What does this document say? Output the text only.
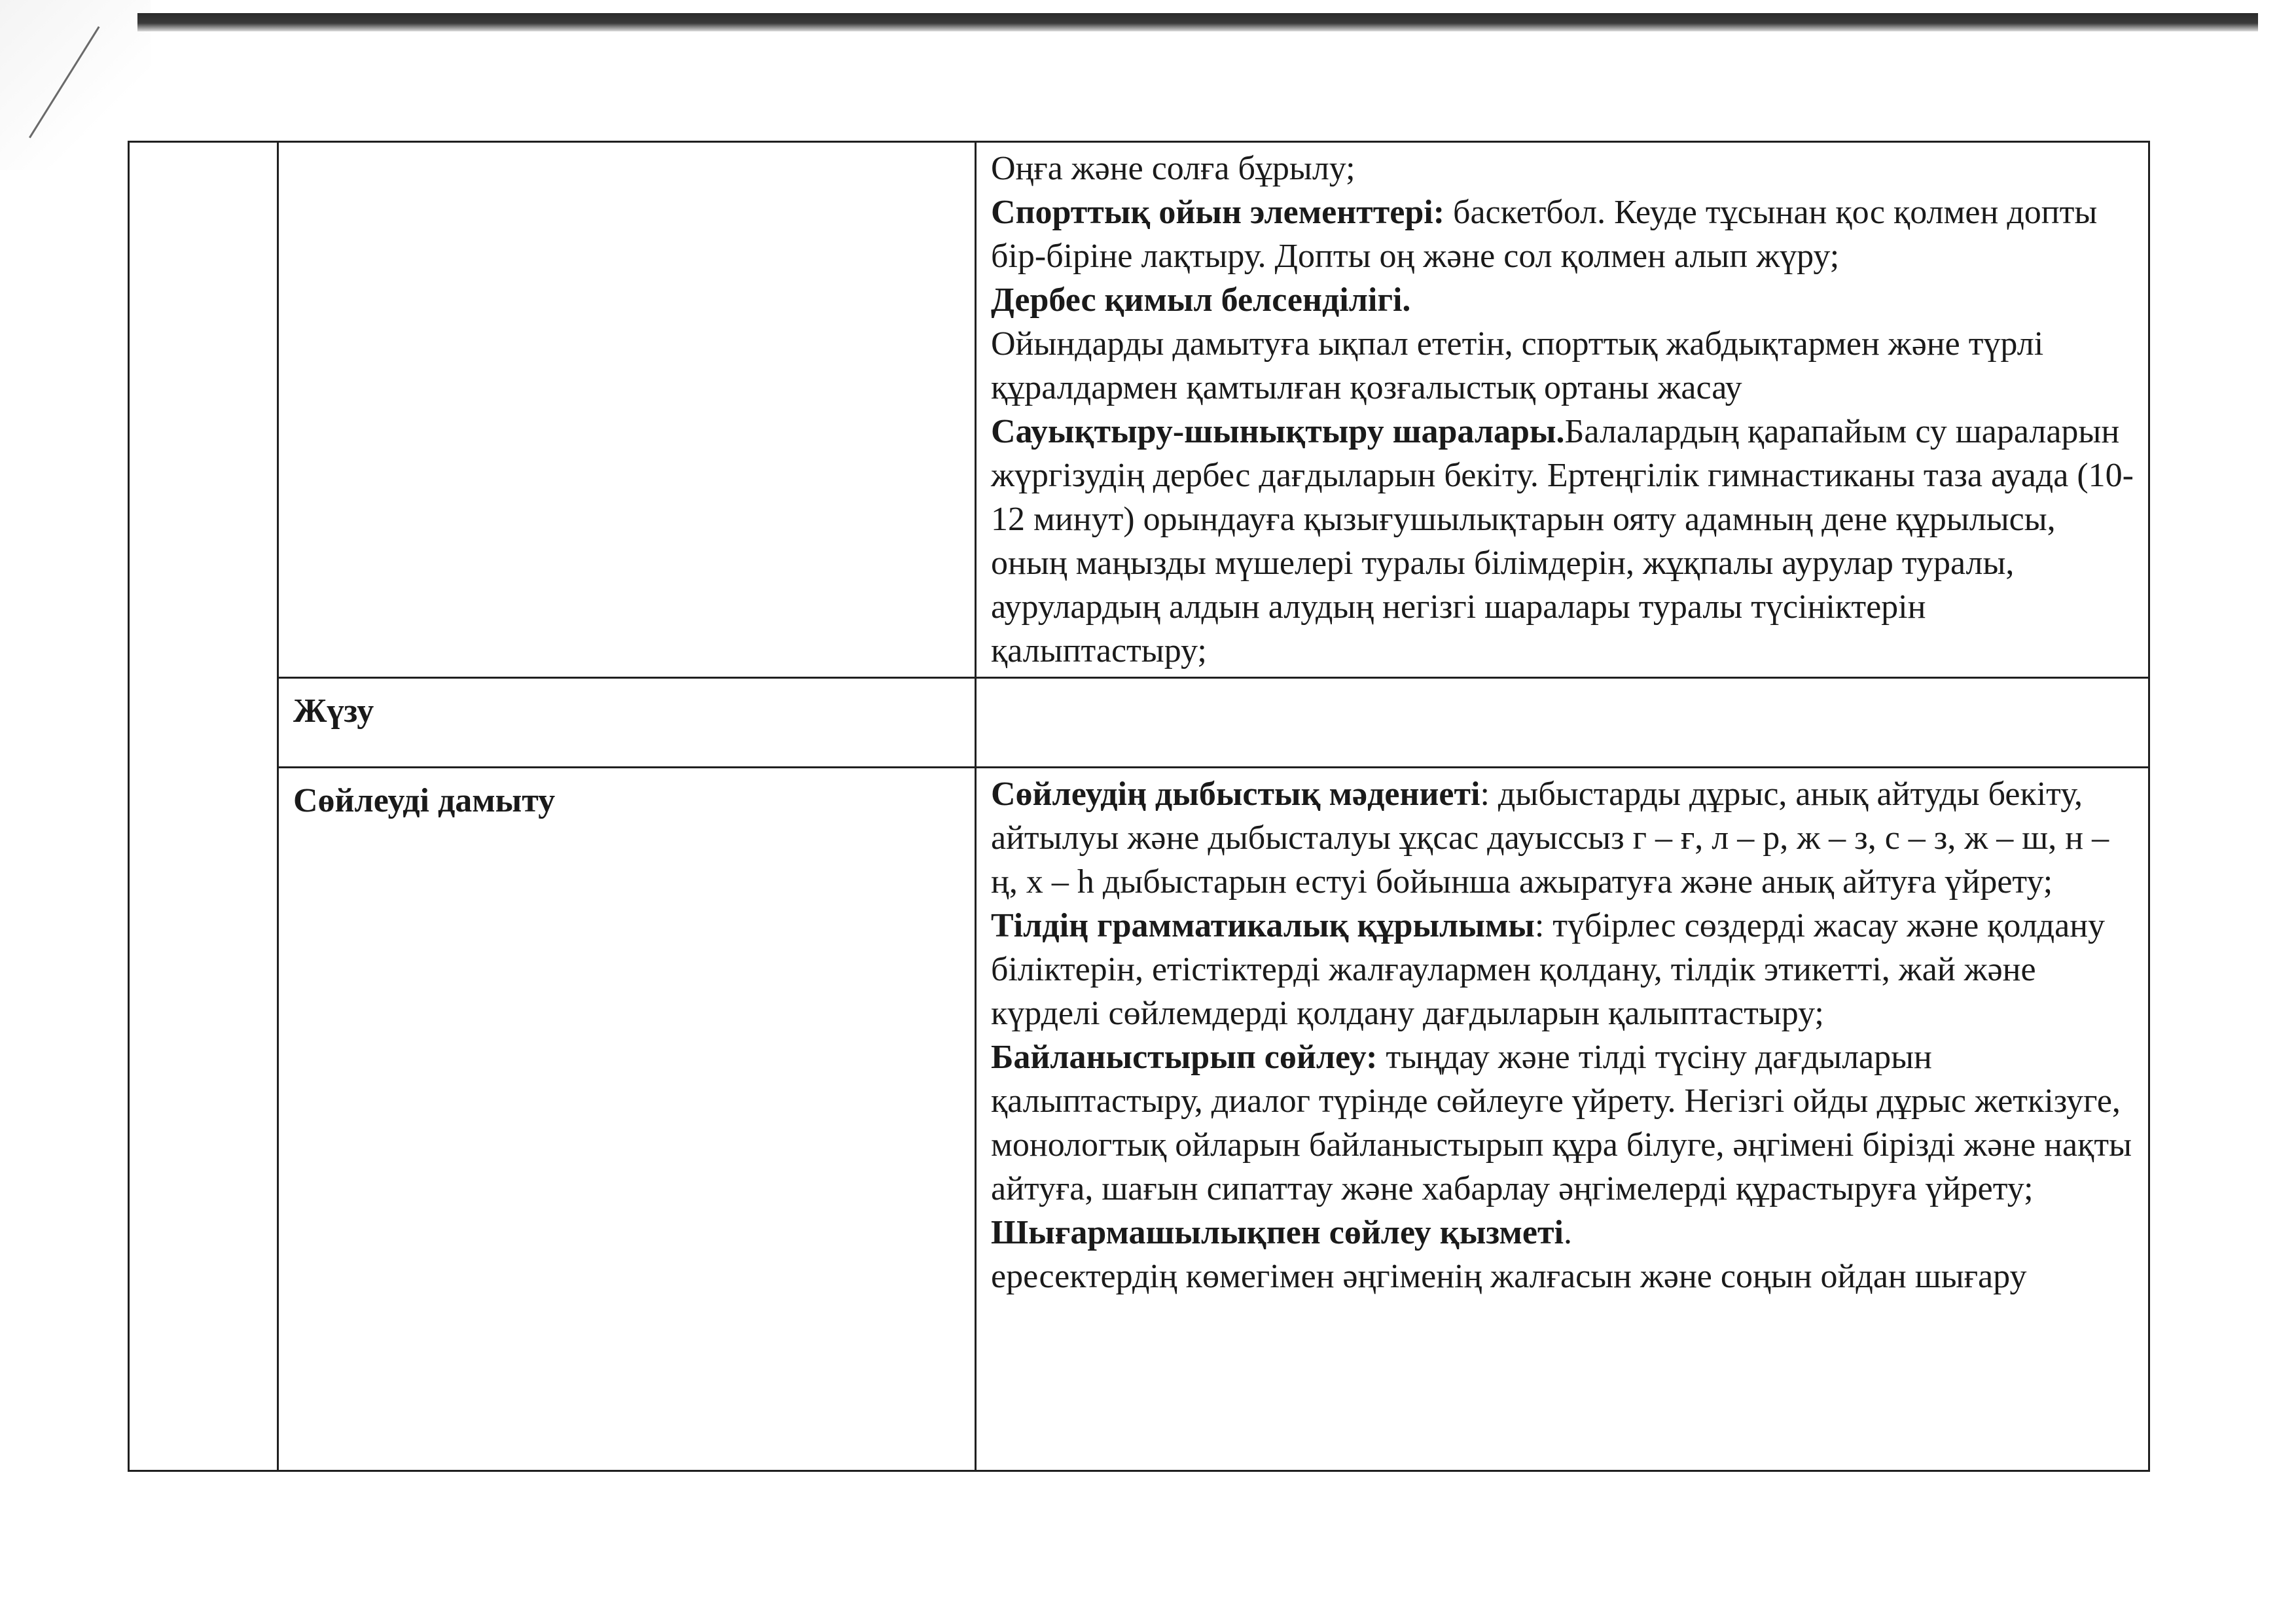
		Оңға және солға бұрылу;

Спорттық ойын элементтері: баскетбол. Кеуде тұсынан қос қолмен допты бір-біріне лақтыру. Допты оң және сол қолмен алып жүру;

Дербес қимыл белсенділігі.

Ойындарды дамытуға ықпал ететін, спорттық жабдықтармен және түрлі құралдармен қамтылған қозғалыстық ортаны жасау

Сауықтыру-шынықтыру шаралары.Балалардың қарапайым су шараларын жүргізудің дербес дағдыларын бекіту. Ертеңгілік гимнастиканы таза ауада (10-12 минут) орындауға қызығушылықтарын ояту адамның дене құрылысы, оның маңызды мүшелері туралы білімдерін, жұқпалы аурулар туралы, аурулардың алдын алудың негізгі шаралары туралы түсініктерін қалыптастыру;

	Жүзу	

	Сөйлеуді дамыту	Сөйлеудің дыбыстық мәдениеті: дыбыстарды дұрыс, анық айтуды бекіту, айтылуы және дыбысталуы ұқсас дауыссыз г – ғ, л – р, ж – з, с – з, ж – ш, н – ң, х – һ дыбыстарын естуі бойынша ажыратуға және анық айтуға үйрету;

Тілдің грамматикалық құрылымы: түбірлес сөздерді жасау және қолдану біліктерін, етістіктерді жалғаулармен қолдану, тілдік этикетті, жай және күрделі сөйлемдерді қолдану дағдыларын қалыптастыру;

Байланыстырып сөйлеу: тыңдау және тілді түсіну дағдыларын қалыптастыру, диалог түрінде сөйлеуге үйрету. Негізгі ойды дұрыс жеткізуге, монологтық ойларын байланыстырып құра білуге, әңгімені бірізді және нақты айтуға, шағын сипаттау және хабарлау әңгімелерді құрастыруға үйрету;

Шығармашылықпен сөйлеу қызметі.

ересектердің көмегімен әңгіменің жалғасын және соңын ойдан шығару
